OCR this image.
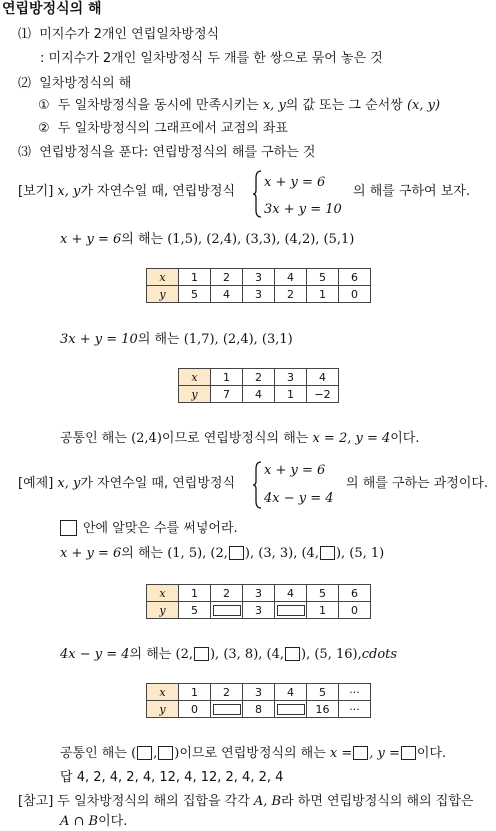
연립방정식의 해
⑴ 미지수가 2개인 연립일차방정식
: 미지수가 2개인 일차방정식 두 개를 한 쌍으로 묶어 놓은 것
⑵ 일차방정식의 해
① 두 일차방정식을 동시에 만족시키는 x, y의 값 또는 그 순서쌍 (x, y)
② 두 일차방정식의 그래프에서 교점의 좌표
⑶ 연립방정식을 푼다: 연립방정식의 해를 구하는 것
[보기] x, y가 자연수일 때, 연립방정식
x + y = 6
3x + y = 10
의 해를 구하여 보자.
x + y = 6의 해는 (1,5), (2,4), (3,3), (4,2), (5,1)
x	1	2	3	4	5	6
y	5	4	3	2	1	0
3x + y = 10의 해는 (1,7), (2,4), (3,1)
x	1	2	3	4
y	7	4	1	−2
공통인 해는 (2,4)이므로 연립방정식의 해는 x = 2, y = 4이다.
[예제] x, y가 자연수일 때, 연립방정식
x + y = 6
4x − y = 4
의 해를 구하는 과정이다.
안에 알맞은 수를 써넣어라.
x + y = 6의 해는 (1, 5), (2, ), (3, 3), (4, ), (5, 1)
x	1	2	3	4	5	6
y	5		3		1	0
4x − y = 4의 해는 (2, ), (3, 8), (4, ), (5, 16),cdots
x	1	2	3	4	5	···
y	0		8		16	···
공통인 해는 ( , )이므로 연립방정식의 해는 x = , y = 이다.
답 4, 2, 4, 2, 4, 12, 4, 12, 2, 4, 2, 4
[참고] 두 일차방정식의 해의 집합을 각각 A, B라 하면 연립방정식의 해의 집합은
A ∩ B이다.
